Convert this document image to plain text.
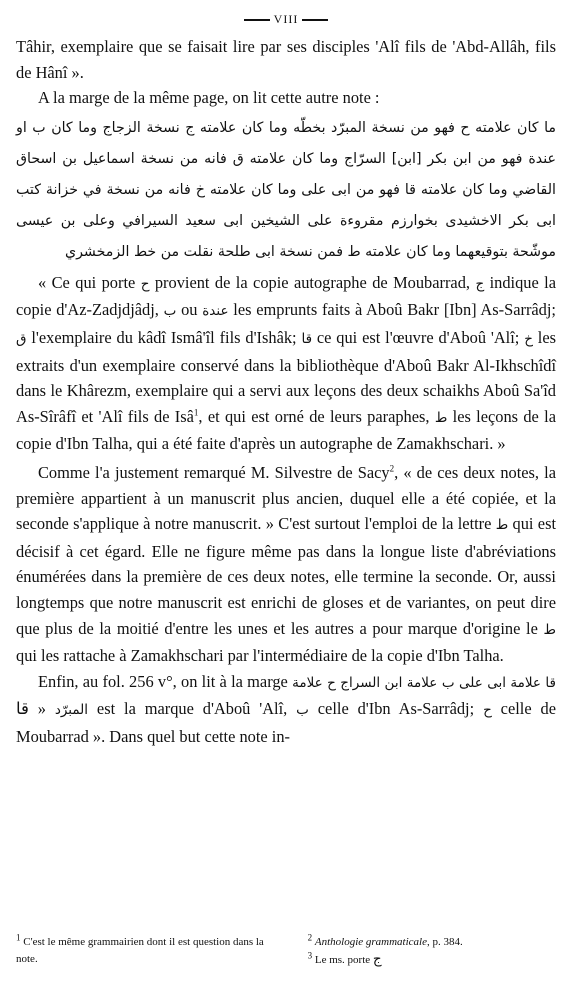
VIII

Tâhir, exemplaire que se faisait lire par ses disciples 'Alî fils de 'Abd-Allâh, fils de Hânî ».

A la marge de la même page, on lit cette autre note :

ما كان علامته ح فهو من نسخة المبرّد بخطّه وما كان علامته ج نسخة الزجاج وما كان ب او عندة فهو من ابن بكر [ابن] السرّاج وما كان علامته ق فانه من نسخة اسماعيل بن اسحاق القاضي وما كان علامته قا فهو من ابى على وما كان علامته خ فانه من نسخة في خزانة كتب ابى بكر الاخشيدى بخوارزم مقروءة على الشيخين ابى سعيد السيرافي وعلى بن عيسى موشّحة بتوقيعهما وما كان علامته ط فمن نسخة ابى طلحة نقلت من خط الزمخشري

« Ce qui porte ح provient de la copie autographe de Moubarrad, ج indique la copie d'Az-Zadjdjâdj, ب ou عندة les emprunts faits à Aboû Bakr [Ibn] As-Sarrâdj; ق l'exemplaire du kâdî Ismâ'îl fils d'Ishâk; قا ce qui est l'œuvre d'Aboû 'Alî; خ les extraits d'un exemplaire conservé dans la bibliothèque d'Aboû Bakr Al-Ikhschîdî dans le Khârezm, exemplaire qui a servi aux leçons des deux schaikhs Aboû Sa'îd As-Sîrâfî et 'Alî fils de Isâ$^1$, et qui est orné de leurs paraphes, ط les leçons de la copie d'Ibn Talha, qui a été faite d'après un autographe de Zamakhschari. »

Comme l'a justement remarqué M. Silvestre de Sacy$^2$, « de ces deux notes, la première appartient à un manuscrit plus ancien, duquel elle a été copiée, et la seconde s'applique à notre manuscrit. » C'est surtout l'emploi de la lettre ط qui est décisif à cet égard. Elle ne figure même pas dans la longue liste d'abréviations énumérées dans la première de ces deux notes, elle termine la seconde. Or, aussi longtemps que notre manuscrit est enrichi de gloses et de variantes, on peut dire que plus de la moitié d'entre les unes et les autres a pour marque d'origine le ط qui les rattache à Zamakhschari par l'intermédiaire de la copie d'Ibn Talha.

Enfin, au fol. 256 v°, on lit à la marge قا علامة ابى على ب علامة ابن السراج ح علامة المبرّد « قا est la marque d'Aboû 'Alî, ب celle d'Ibn As-Sarrâdj; ح celle de Moubarrad ». Dans quel but cette note in-

$^1$ C'est le même grammairien dont il est question dans la note.
$^2$ Anthologie grammaticale, p. 384.
$^3$ Le ms. porte ج
